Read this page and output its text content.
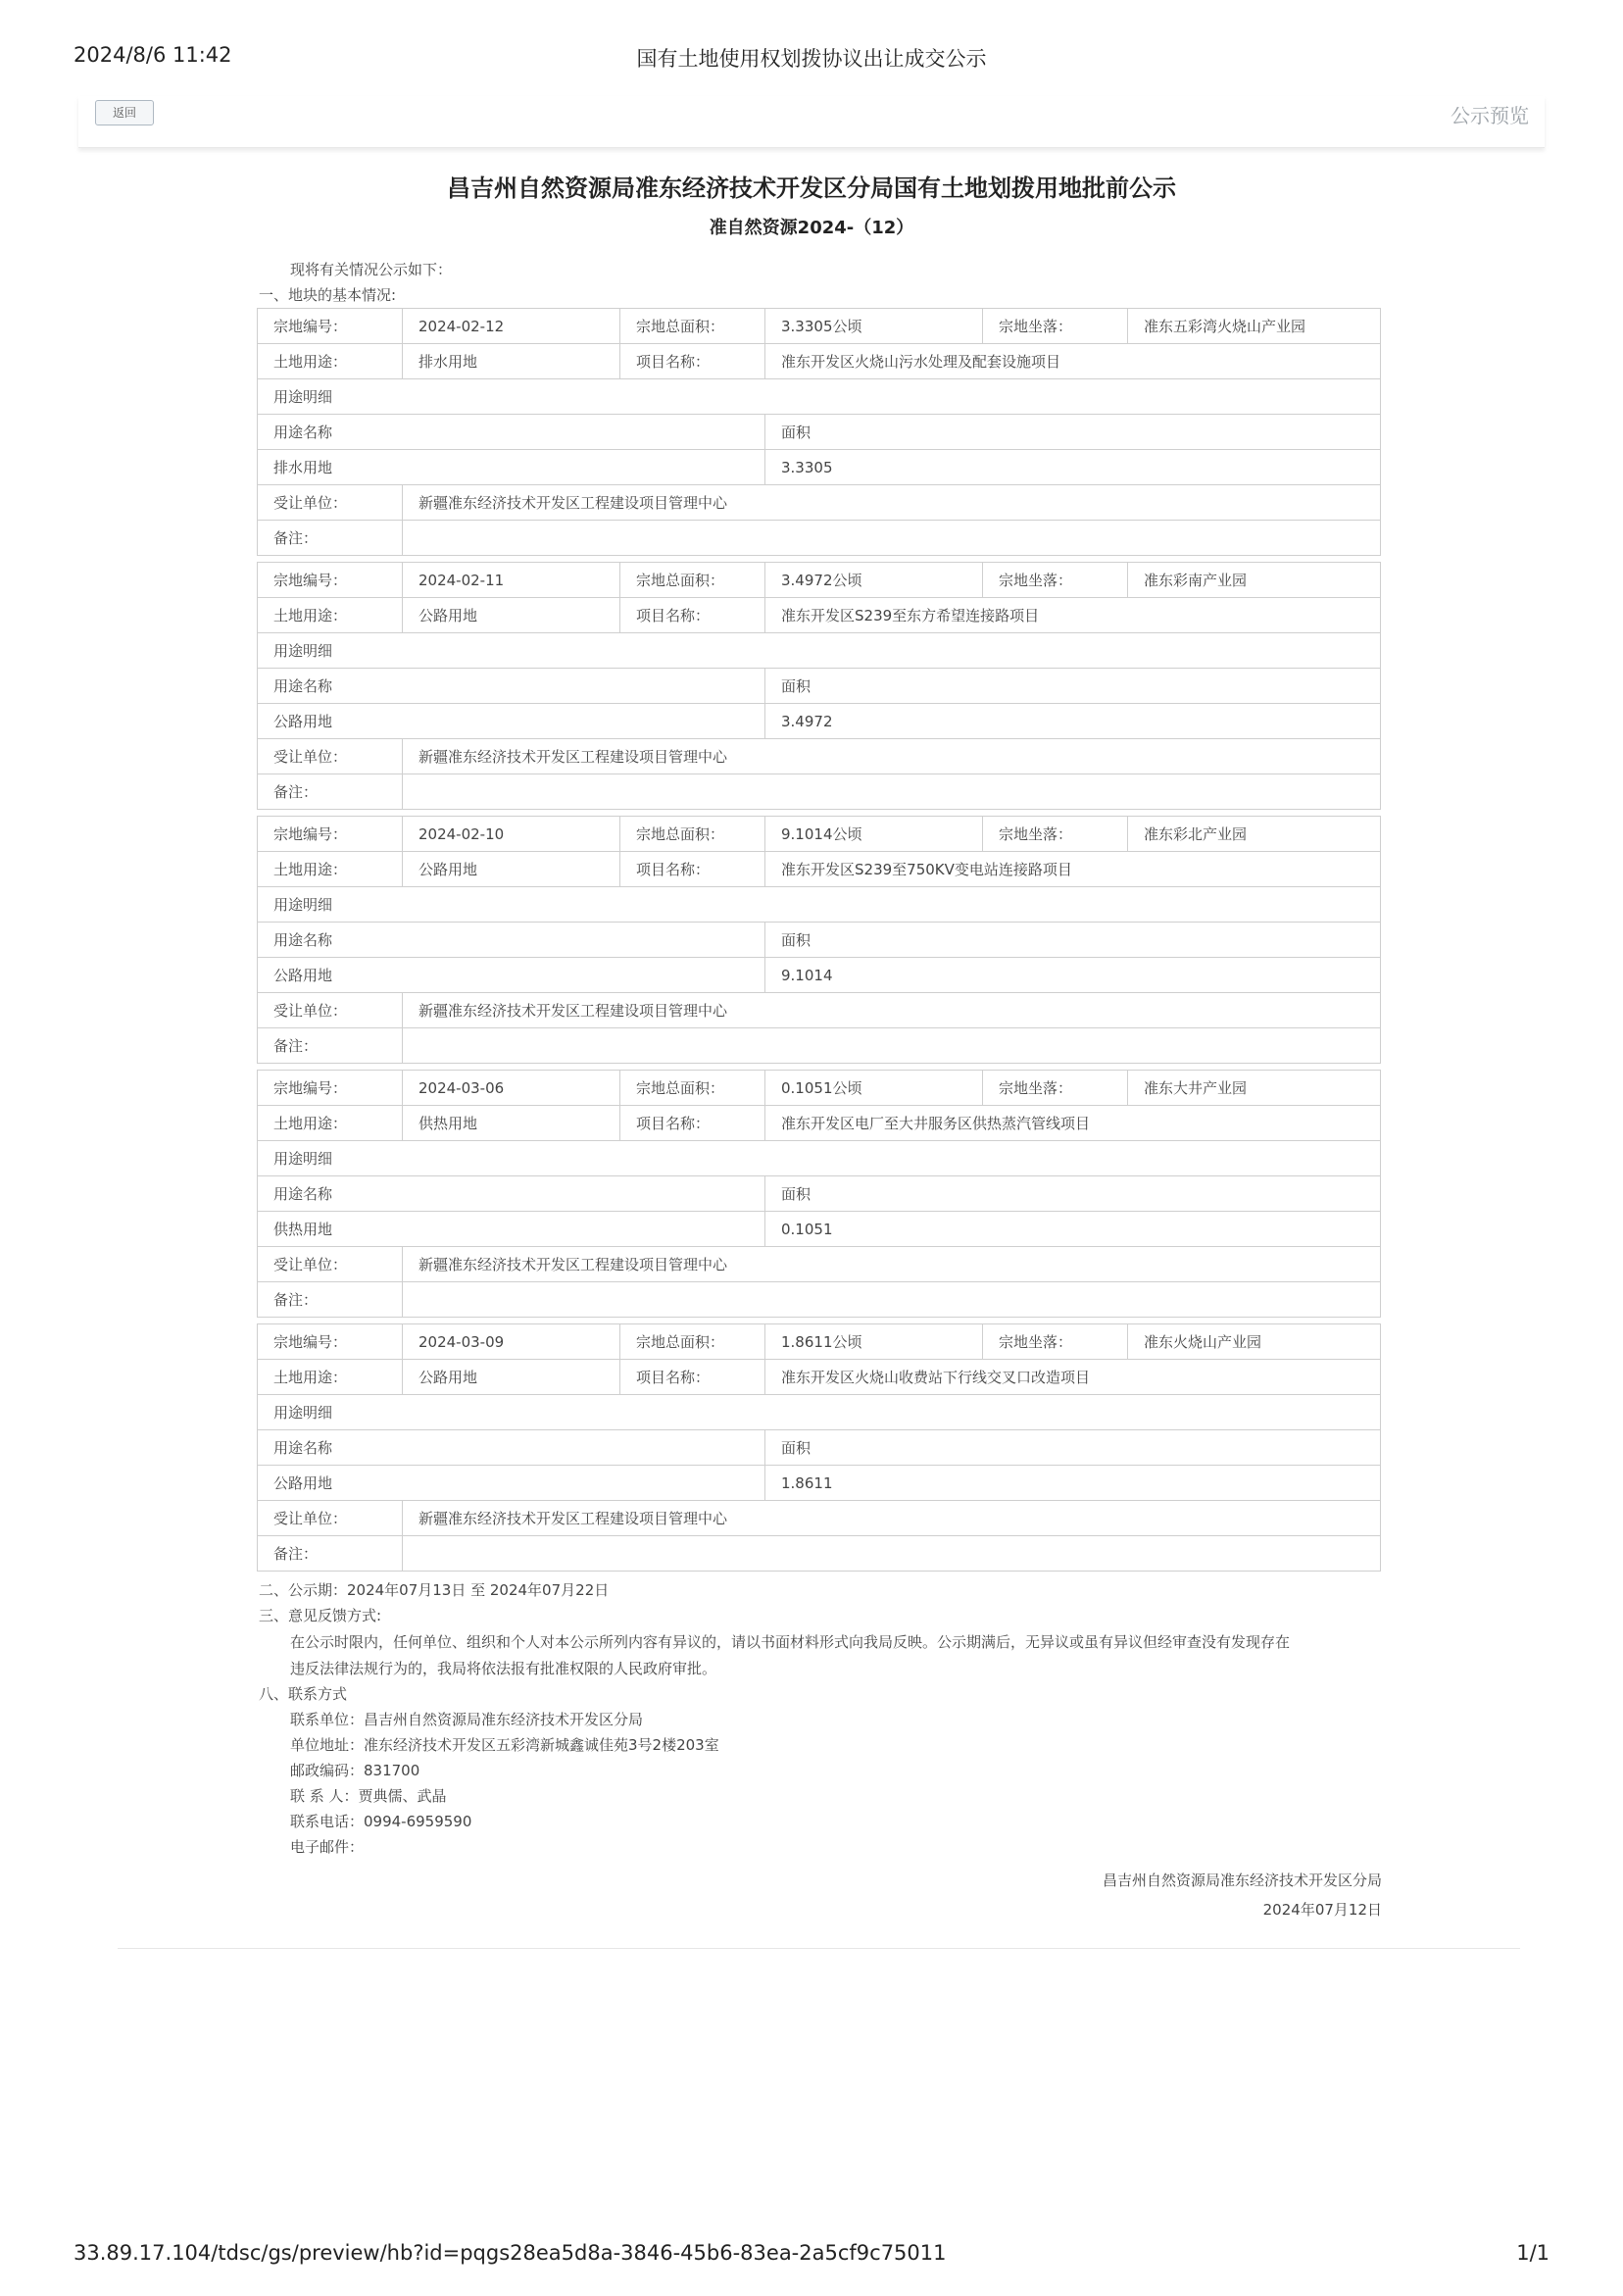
2024/8/6 11:42	国有土地使用权划拨协议出让成交公示
返回	公示预览
昌吉州自然资源局准东经济技术开发区分局国有土地划拨用地批前公示
准自然资源2024-（12）
现将有关情况公示如下：
一、地块的基本情况:
宗地编号：	2024-02-12	宗地总面积：	3.3305公顷	宗地坐落：	准东五彩湾火烧山产业园
土地用途：	排水用地	项目名称：	准东开发区火烧山污水处理及配套设施项目		
用途明细					
用途名称			面积		
排水用地			3.3305		
受让单位：	新疆准东经济技术开发区工程建设项目管理中心				
备注：					
宗地编号：	2024-02-11	宗地总面积：	3.4972公顷	宗地坐落：	准东彩南产业园
土地用途：	公路用地	项目名称：	准东开发区S239至东方希望连接路项目		
用途明细					
用途名称			面积		
公路用地			3.4972		
受让单位：	新疆准东经济技术开发区工程建设项目管理中心				
备注：					
宗地编号：	2024-02-10	宗地总面积：	9.1014公顷	宗地坐落：	准东彩北产业园
土地用途：	公路用地	项目名称：	准东开发区S239至750KV变电站连接路项目		
用途明细					
用途名称			面积		
公路用地			9.1014		
受让单位：	新疆准东经济技术开发区工程建设项目管理中心				
备注：					
宗地编号：	2024-03-06	宗地总面积：	0.1051公顷	宗地坐落：	准东大井产业园
土地用途：	供热用地	项目名称：	准东开发区电厂至大井服务区供热蒸汽管线项目		
用途明细					
用途名称			面积		
供热用地			0.1051		
受让单位：	新疆准东经济技术开发区工程建设项目管理中心				
备注：					
宗地编号：	2024-03-09	宗地总面积：	1.8611公顷	宗地坐落：	准东火烧山产业园
土地用途：	公路用地	项目名称：	准东开发区火烧山收费站下行线交叉口改造项目		
用途明细					
用途名称			面积		
公路用地			1.8611		
受让单位：	新疆准东经济技术开发区工程建设项目管理中心				
备注：					
二、公示期：2024年07月13日 至 2024年07月22日
三、意见反馈方式:
在公示时限内，任何单位、组织和个人对本公示所列内容有异议的，请以书面材料形式向我局反映。公示期满后，无异议或虽有异议但经审查没有发现存在
违反法律法规行为的，我局将依法报有批准权限的人民政府审批。
八、联系方式
联系单位：昌吉州自然资源局准东经济技术开发区分局
单位地址：准东经济技术开发区五彩湾新城鑫诚佳苑3号2楼203室
邮政编码：831700
联 系 人：贾典儒、武晶
联系电话：0994-6959590
电子邮件：
昌吉州自然资源局准东经济技术开发区分局
2024年07月12日
33.89.17.104/tdsc/gs/preview/hb?id=pqgs28ea5d8a-3846-45b6-83ea-2a5cf9c75011	1/1
